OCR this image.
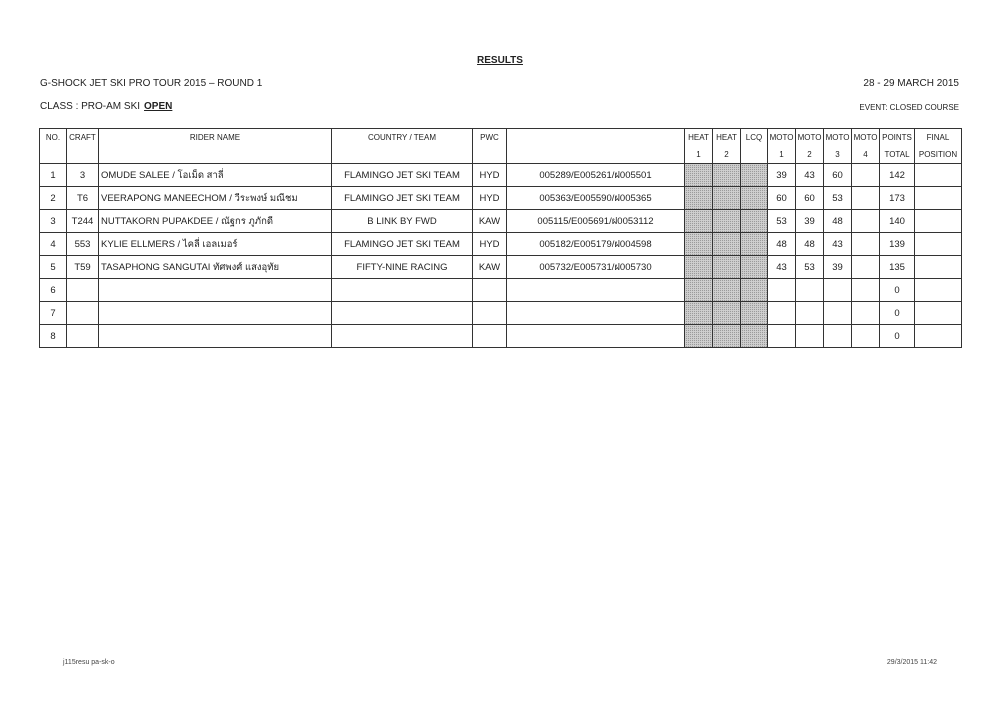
RESULTS
G-SHOCK JET SKI PRO TOUR 2015 – ROUND 1	28 - 29 MARCH 2015
CLASS : PRO-AM SKI OPEN	EVENT: CLOSED COURSE
NO.	CRAFT	RIDER NAME	COUNTRY / TEAM	PWC		HEAT	HEAT	LCQ	MOTO	MOTO	MOTO	MOTO	POINTS	FINAL
						1	2		1	2	3	4	TOTAL	POSITION
1	3	OMUDE SALEE / โอเม็ด สาลี่	FLAMINGO JET SKI TEAM	HYD	005289/E005261/ฝ005501				39	43	60		142	
2	T6	VEERAPONG MANEECHOM / วีระพงษ์ มณีชม	FLAMINGO JET SKI TEAM	HYD	005363/E005590/ฝ005365				60	60	53		173	
3	T244	NUTTAKORN PUPAKDEE / ณัฐกร ภูภักดี	B LINK BY FWD	KAW	005115/E005691/ฝ0053112				53	39	48		140	
4	553	KYLIE ELLMERS / ไคลี่ เอลเมอร์	FLAMINGO JET SKI TEAM	HYD	005182/E005179/ฝ004598				48	48	43		139	
5	T59	TASAPHONG SANGUTAI ทัศพงศ์ แสงอุทัย	FIFTY-NINE RACING	KAW	005732/E005731/ฝ005730				43	53	39		135	
6													0	
7													0	
8													0	
j115resu pa-sk-o	29/3/2015 11:42
